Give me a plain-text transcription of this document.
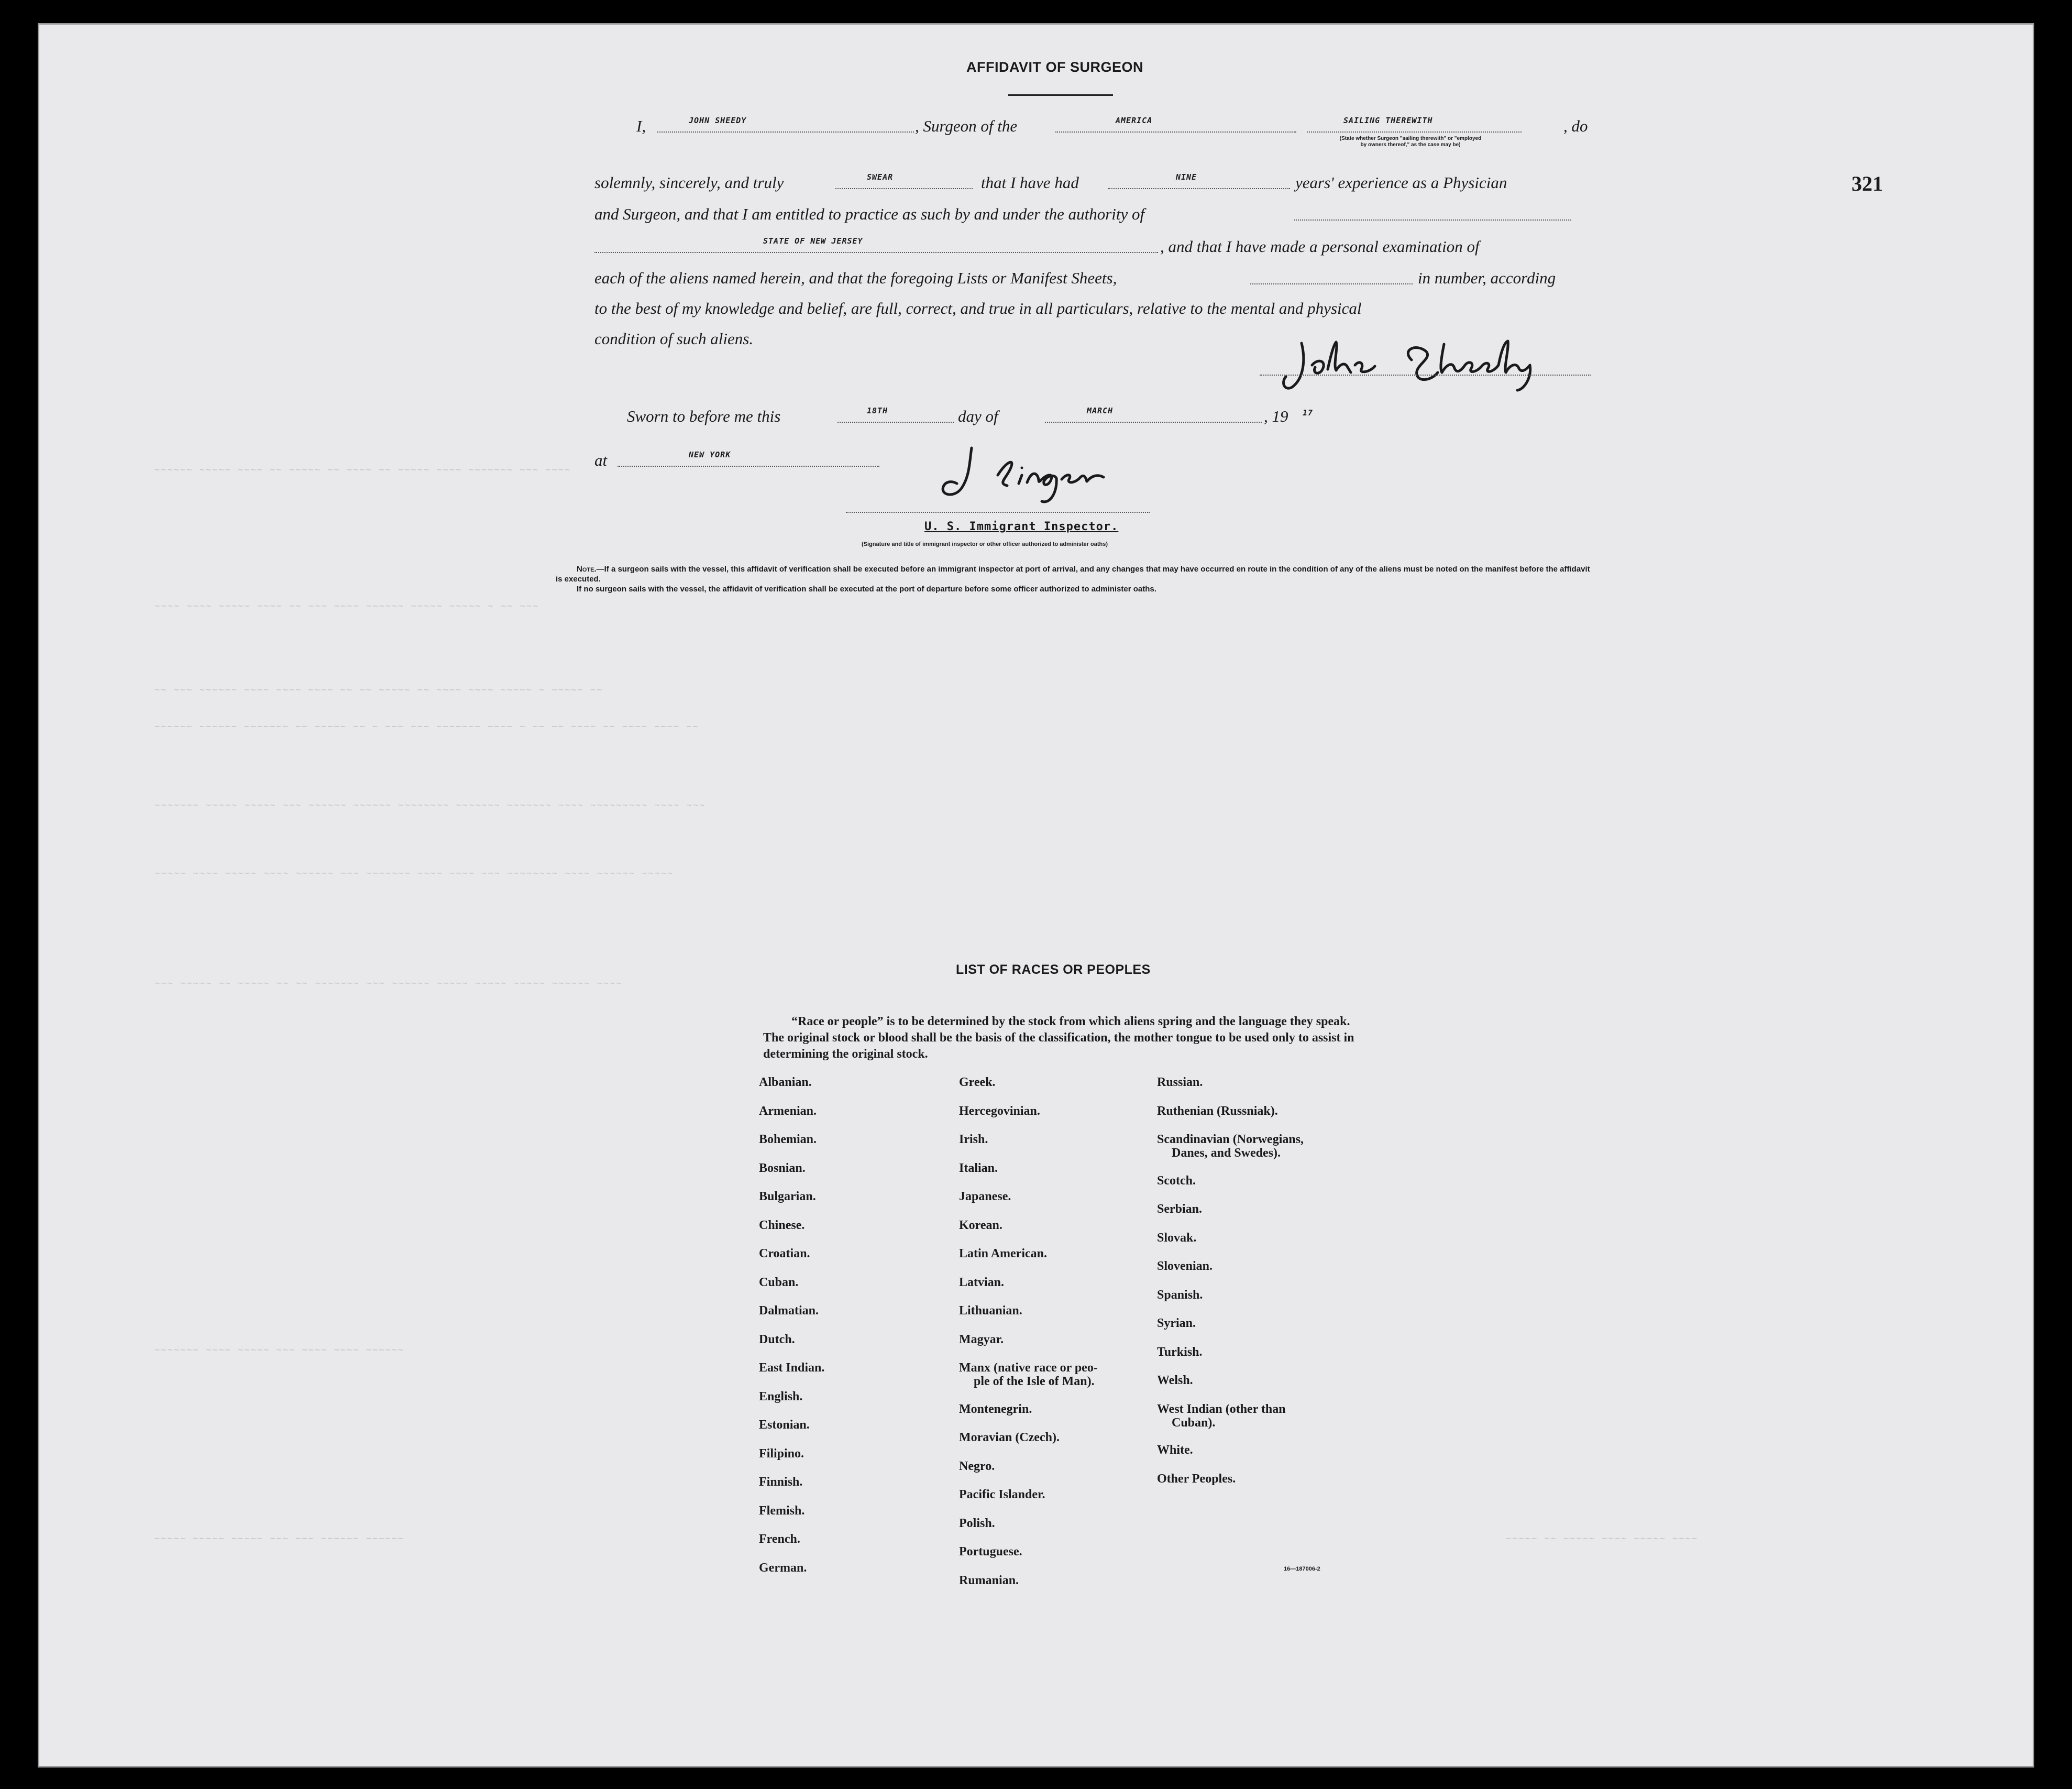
~~~~~~ ~~~~~ ~~~~ ~~ ~~~~~ ~~ ~~~~ ~~ ~~~~~ ~~~~ ~~~~~~~ ~~~ ~~~~
~~~~ ~~~~ ~~~~~ ~~~~ ~~ ~~~ ~~~~ ~~~~~~ ~~~~~ ~~~~~ ~ ~~ ~~~
~~ ~~~ ~~~~~~ ~~~~ ~~~~ ~~~~ ~~ ~~ ~~~~~ ~~ ~~~~ ~~~~ ~~~~~ ~ ~~~~~ ~~
~~~~~~ ~~~~~~ ~~~~~~~ ~~ ~~~~~ ~~ ~ ~~~ ~~~ ~~~~~~~ ~~~~ ~ ~~ ~~ ~~~~ ~~ ~~~~ ~~~~ ~~
~~~~~~~ ~~~~~ ~~~~~ ~~~ ~~~~~~ ~~~~~~ ~~~~~~~~ ~~~~~~~ ~~~~~~~ ~~~~ ~~~~~~~~~ ~~~~ ~~~
~~~~~ ~~~~ ~~~~~ ~~~~ ~~~~~~ ~~~ ~~~~~~~ ~~~~ ~~~~ ~~~ ~~~~~~~~ ~~~~ ~~~~~~ ~~~~~
~~~ ~~~~~ ~~ ~~~~~ ~~ ~~ ~~~~~~~ ~~~ ~~~~~~ ~~~~~ ~~~~~ ~~~~~ ~~~~~~ ~~~~
~~~~~~~ ~~~~ ~~~~~ ~~~ ~~~~ ~~~~ ~~~~~~
~~~~~ ~~~~~ ~~~~~ ~~~ ~~~ ~~~~~~ ~~~~~~	~~~~~ ~~ ~~~~~ ~~~~ ~~~~~ ~~~~
AFFIDAVIT OF SURGEON
321
I,	JOHN SHEEDY	, Surgeon of the	AMERICA	SAILING THEREWITH	, do
(State whether Surgeon "sailing therewith" or "employed by owners thereof," as the case may be)
solemnly, sincerely, and truly	SWEAR	that I have had	NINE	years' experience as a Physician
and Surgeon, and that I am entitled to practice as such by and under the authority of
STATE OF NEW JERSEY	, and that I have made a personal examination of
each of the aliens named herein, and that the foregoing Lists or Manifest Sheets,	in number, according
to the best of my knowledge and belief, are full, correct, and true in all particulars, relative to the mental and physical
condition of such aliens.
Sworn to before me this	18TH	day of	MARCH	, 19 17
at	NEW YORK
U. S. Immigrant Inspector.
(Signature and title of immigrant inspector or other officer authorized to administer oaths)
Note.—If a surgeon sails with the vessel, this affidavit of verification shall be executed before an immigrant inspector at port of arrival, and any changes that may have occurred en route in the condition of any of the aliens must be noted on the manifest before the affidavit is executed.
If no surgeon sails with the vessel, the affidavit of verification shall be executed at the port of departure before some officer authorized to administer oaths.
LIST OF RACES OR PEOPLES
“Race or people” is to be determined by the stock from which aliens spring and the language they speak. The original stock or blood shall be the basis of the classification, the mother tongue to be used only to assist in determining the original stock.
Albanian.
Armenian.
Bohemian.
Bosnian.
Bulgarian.
Chinese.
Croatian.
Cuban.
Dalmatian.
Dutch.
East Indian.
English.
Estonian.
Filipino.
Finnish.
Flemish.
French.
German.
Greek.
Hercegovinian.
Irish.
Italian.
Japanese.
Korean.
Latin American.
Latvian.
Lithuanian.
Magyar.
Manx (native race or peo-
ple of the Isle of Man).
Montenegrin.
Moravian (Czech).
Negro.
Pacific Islander.
Polish.
Portuguese.
Rumanian.
Russian.
Ruthenian (Russniak).
Scandinavian (Norwegians,
Danes, and Swedes).
Scotch.
Serbian.
Slovak.
Slovenian.
Spanish.
Syrian.
Turkish.
Welsh.
West Indian (other than
Cuban).
White.
Other Peoples.
16—187006-2
